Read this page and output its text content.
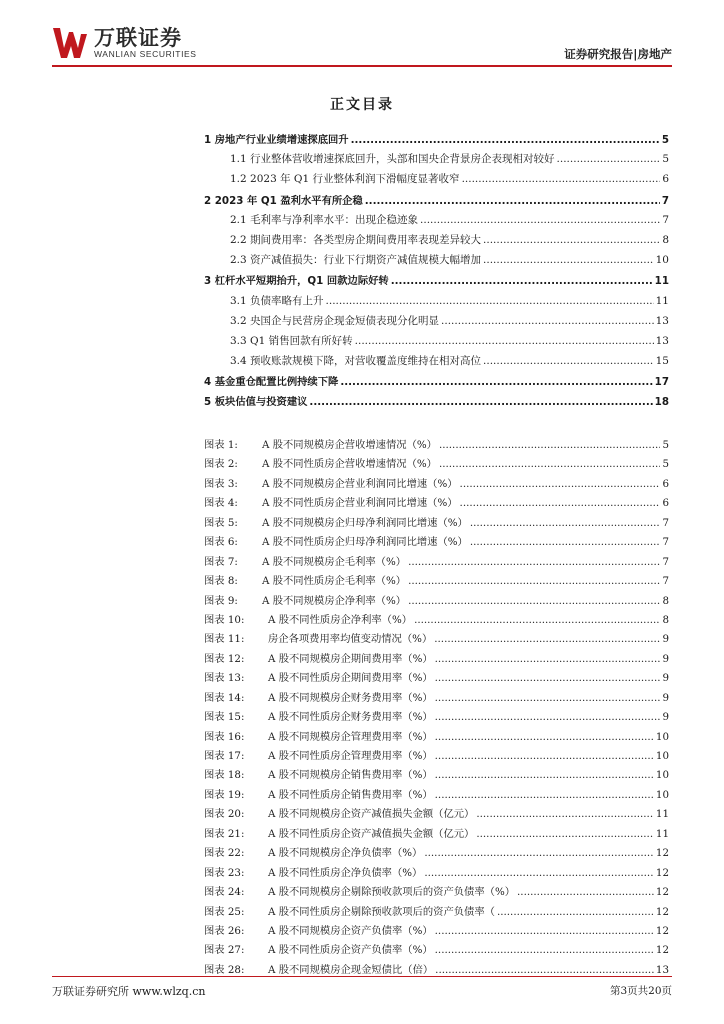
万联证券
WANLIAN SECURITIES	证券研究报告|房地产
正文目录
1 房地产行业业绩增速探底回升 .....	5
1.1 行业整体营收增速探底回升，头部和国央企背景房企表现相对较好 .....	5
1.2 2023 年 Q1 行业整体利润下滑幅度显著收窄 .....	6
2 2023 年 Q1 盈利水平有所企稳 .....	7
2.1 毛利率与净利率水平：出现企稳迹象 .....	7
2.2 期间费用率：各类型房企期间费用率表现差异较大 .....	8
2.3 资产减值损失：行业下行期资产减值规模大幅增加 .....	10
3 杠杆水平短期抬升，Q1 回款边际好转 .....	11
3.1 负债率略有上升 .....	11
3.2 央国企与民营房企现金短债表现分化明显 .....	13
3.3 Q1 销售回款有所好转 .....	13
3.4 预收账款规模下降，对营收覆盖度维持在相对高位 .....	15
4 基金重仓配置比例持续下降 .....	17
5 板块估值与投资建议 .....	18
图表 1:	A 股不同规模房企营收增速情况（%） .....	5
图表 2:	A 股不同性质房企营收增速情况（%） .....	5
图表 3:	A 股不同规模房企营业利润同比增速（%） .....	6
图表 4:	A 股不同性质房企营业利润同比增速（%） .....	6
图表 5:	A 股不同规模房企归母净利润同比增速（%） .....	7
图表 6:	A 股不同性质房企归母净利润同比增速（%） .....	7
图表 7:	A 股不同规模房企毛利率（%） .....	7
图表 8:	A 股不同性质房企毛利率（%） .....	7
图表 9:	A 股不同规模房企净利率（%） .....	8
图表 10:	A 股不同性质房企净利率（%） .....	8
图表 11:	房企各项费用率均值变动情况（%） .....	9
图表 12:	A 股不同规模房企期间费用率（%） .....	9
图表 13:	A 股不同性质房企期间费用率（%） .....	9
图表 14:	A 股不同规模房企财务费用率（%） .....	9
图表 15:	A 股不同性质房企财务费用率（%） .....	9
图表 16:	A 股不同规模房企管理费用率（%） .....	10
图表 17:	A 股不同性质房企管理费用率（%） .....	10
图表 18:	A 股不同规模房企销售费用率（%） .....	10
图表 19:	A 股不同性质房企销售费用率（%） .....	10
图表 20:	A 股不同规模房企资产减值损失金额（亿元） .....	11
图表 21:	A 股不同性质房企资产减值损失金额（亿元） .....	11
图表 22:	A 股不同规模房企净负债率（%） .....	12
图表 23:	A 股不同性质房企净负债率（%） .....	12
图表 24:	A 股不同规模房企剔除预收款项后的资产负债率（%） .....	12
图表 25:	A 股不同性质房企剔除预收款项后的资产负债率（ .....	12
图表 26:	A 股不同规模房企资产负债率（%） .....	12
图表 27:	A 股不同性质房企资产负债率（%） .....	12
图表 28:	A 股不同规模房企现金短债比（倍） .....	13
万联证券研究所 www.wlzq.cn	第3页共20页
